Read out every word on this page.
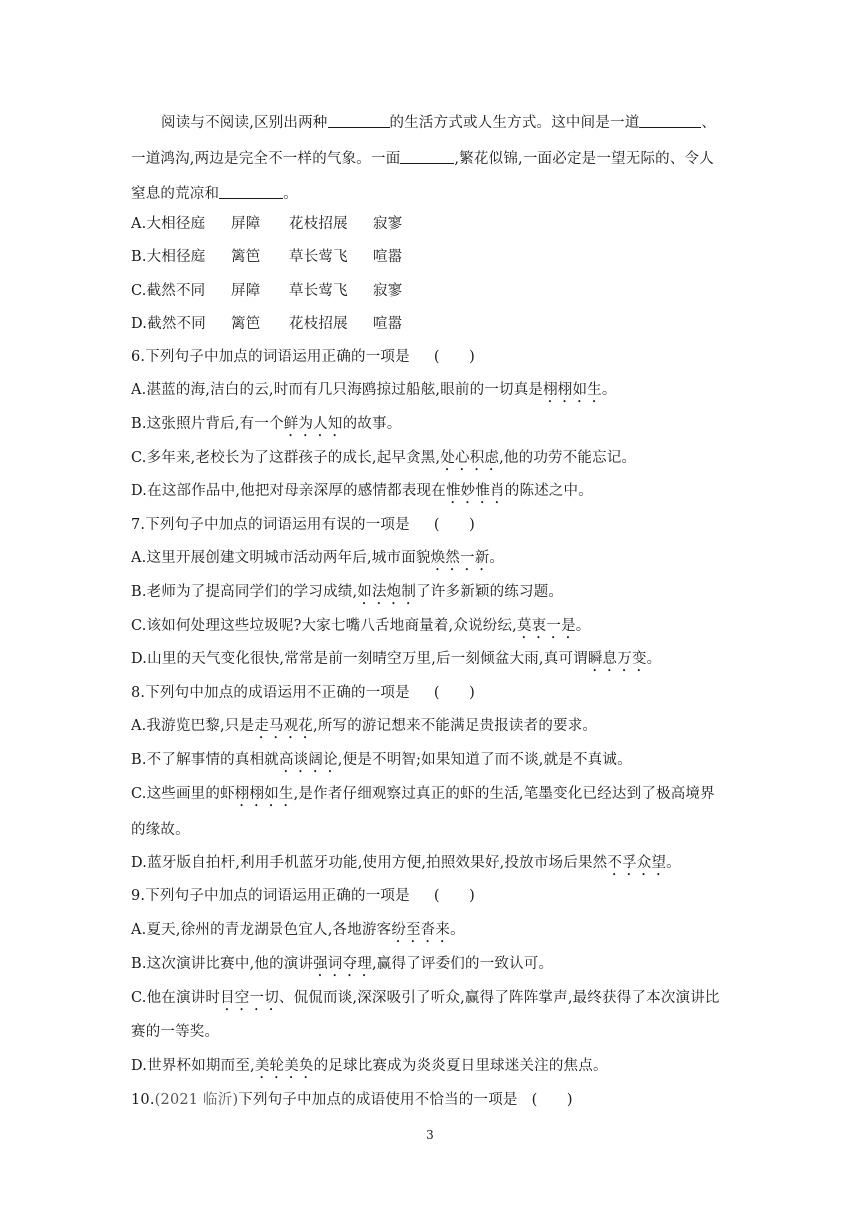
阅读与不阅读,区别出两种	的生活方式或人生方式。这中间是一道	、
一道鸿沟,两边是完全不一样的气象。一面	,繁花似锦,一面必定是一望无际的、令人
窒息的荒凉和	。
A.大相径庭 屏障 花枝招展 寂寥
B.大相径庭 篱笆 草长莺飞 喧嚣
C.截然不同 屏障 草长莺飞 寂寥
D.截然不同 篱笆 花枝招展 喧嚣
6.下列句子中加点的词语运用正确的一项是 (　　)
A.湛蓝的海,洁白的云,时而有几只海鸥掠过船舷,眼前的一切真是栩栩如生。
B.这张照片背后,有一个鲜为人知的故事。
C.多年来,老校长为了这群孩子的成长,起早贪黑,处心积虑,他的功劳不能忘记。
D.在这部作品中,他把对母亲深厚的感情都表现在惟妙惟肖的陈述之中。
7.下列句子中加点的词语运用有误的一项是 (　　)
A.这里开展创建文明城市活动两年后,城市面貌焕然一新。
B.老师为了提高同学们的学习成绩,如法炮制了许多新颖的练习题。
C.该如何处理这些垃圾呢?大家七嘴八舌地商量着,众说纷纭,莫衷一是。
D.山里的天气变化很快,常常是前一刻晴空万里,后一刻倾盆大雨,真可谓瞬息万变。
8.下列句中加点的成语运用不正确的一项是 (　　)
A.我游览巴黎,只是走马观花,所写的游记想来不能满足贵报读者的要求。
B.不了解事情的真相就高谈阔论,便是不明智;如果知道了而不谈,就是不真诚。
C.这些画里的虾栩栩如生,是作者仔细观察过真正的虾的生活,笔墨变化已经达到了极高境界
的缘故。
D.蓝牙版自拍杆,利用手机蓝牙功能,使用方便,拍照效果好,投放市场后果然不孚众望。
9.下列句子中加点的词语运用正确的一项是 (　　)
A.夏天,徐州的青龙湖景色宜人,各地游客纷至沓来。
B.这次演讲比赛中,他的演讲强词夺理,赢得了评委们的一致认可。
C.他在演讲时目空一切、侃侃而谈,深深吸引了听众,赢得了阵阵掌声,最终获得了本次演讲比
赛的一等奖。
D.世界杯如期而至,美轮美奂的足球比赛成为炎炎夏日里球迷关注的焦点。
10.(2021 临沂)下列句子中加点的成语使用不恰当的一项是 (　　)
3
